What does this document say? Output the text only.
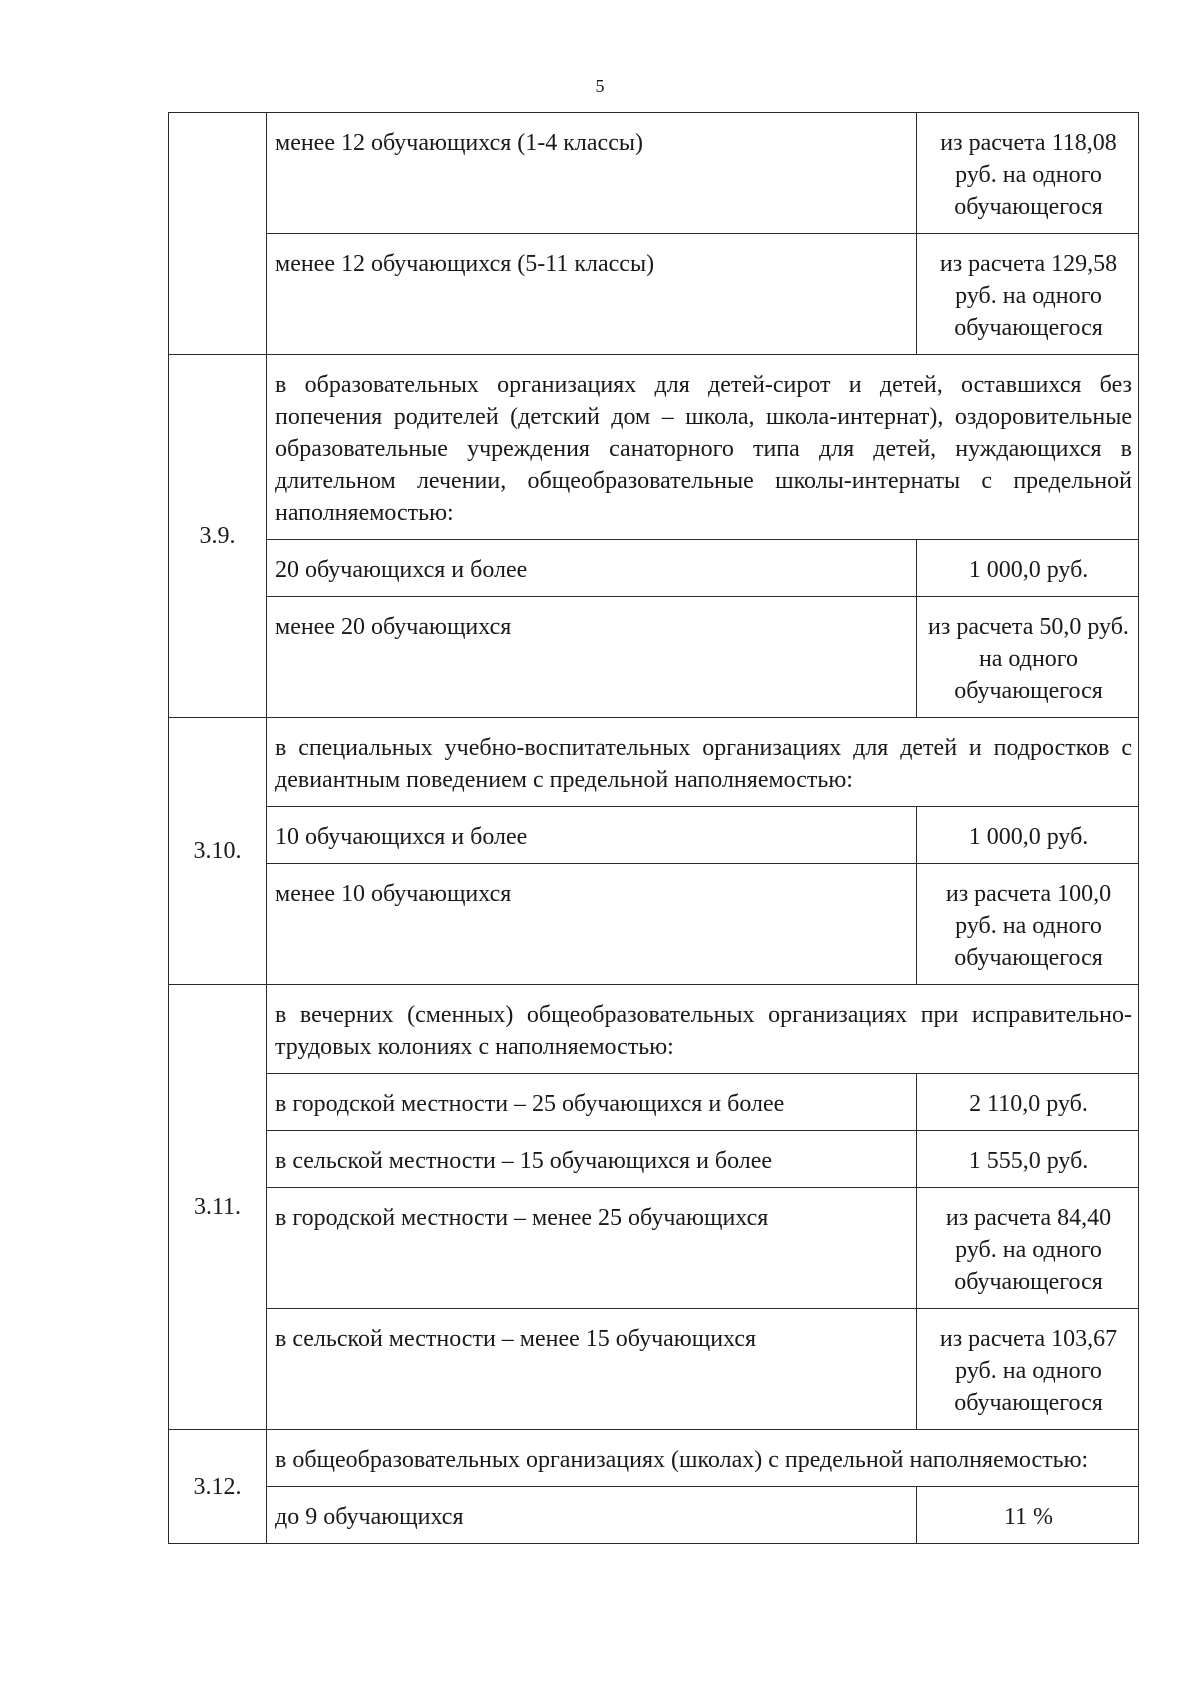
5
	менее 12 обучающихся (1-4 классы)	из расчета 118,08 руб. на одного обучающегося
	менее 12 обучающихся (5-11 классы)	из расчета 129,58 руб. на одного обучающегося
3.9.	в образовательных организациях для детей-сирот и детей, оставшихся без попечения родителей (детский дом – школа, школа-интернат), оздоровительные образовательные учреждения санаторного типа для детей, нуждающихся в длительном лечении, общеобразовательные школы-интернаты с предельной наполняемостью:	
	20 обучающихся и более	1 000,0 руб.
	менее 20 обучающихся	из расчета 50,0 руб. на одного обучающегося
3.10.	в специальных учебно-воспитательных организациях для детей и подростков с девиантным поведением с предельной наполняемостью:	
	10 обучающихся и более	1 000,0 руб.
	менее 10 обучающихся	из расчета 100,0 руб. на одного обучающегося
3.11.	в вечерних (сменных) общеобразовательных организациях при исправительно-трудовых колониях с наполняемостью:	
	в городской местности – 25 обучающихся и более	2 110,0 руб.
	в сельской местности – 15 обучающихся и более	1 555,0 руб.
	в городской местности – менее 25 обучающихся	из расчета 84,40 руб. на одного обучающегося
	в сельской местности – менее 15 обучающихся	из расчета 103,67 руб. на одного обучающегося
3.12.	в общеобразовательных организациях (школах) с предельной наполняемостью:	
	до 9 обучающихся	11 %
